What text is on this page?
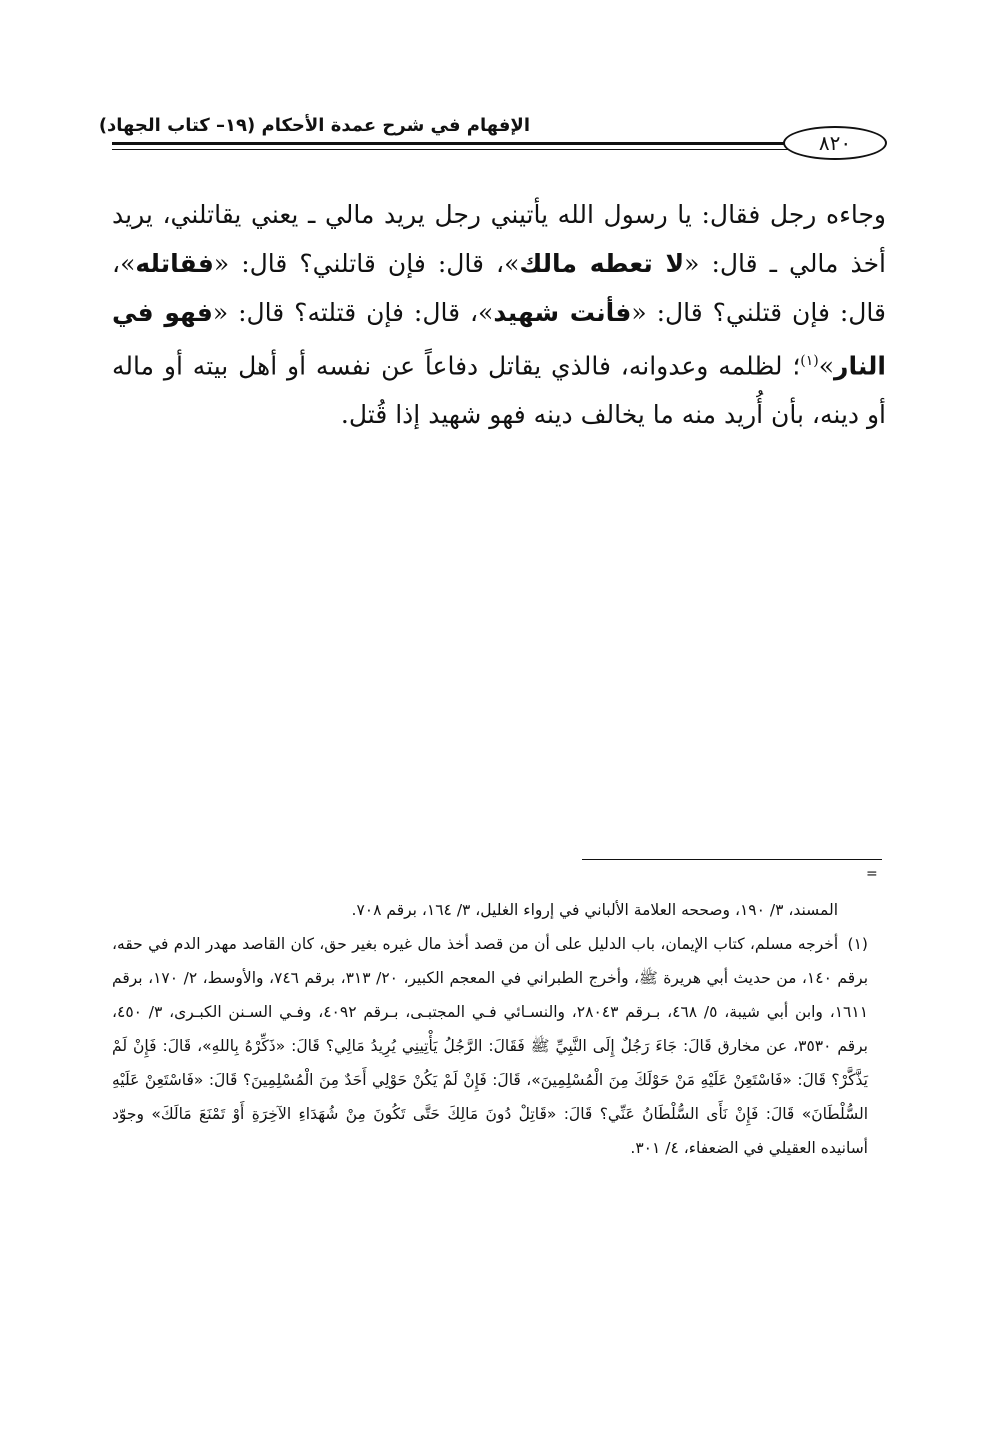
الإفهام في شرح عمدة الأحكام (١٩– كتاب الجهاد)
٨٢٠

وجاءه رجل فقال: يا رسول الله يأتيني رجل يريد مالي ـ يعني يقاتلني، يريد أخذ مالي ـ قال: «لا تعطه مالك»، قال: فإن قاتلني؟ قال: «فقاتله»، قال: فإن قتلني؟ قال: «فأنت شهيد»، قال: فإن قتلته؟ قال: «فهو في النار»$^{(١)}$؛ لظلمه وعدوانه، فالذي يقاتل دفاعاً عن نفسه أو أهل بيته أو ماله أو دينه، بأن أُريد منه ما يخالف دينه فهو شهيد إذا قُتل.

=

المسند، ٣/ ١٩٠، وصححه العلامة الألباني في إرواء الغليل، ٣/ ١٦٤، برقم ٧٠٨.

(١) أخرجه مسلم، كتاب الإيمان، باب الدليل على أن من قصد أخذ مال غيره بغير حق، كان القاصد مهدر الدم في حقه، برقم ١٤٠، من حديث أبي هريرة ﷺ، وأخرج الطبراني في المعجم الكبير، ٢٠/ ٣١٣، برقم ٧٤٦، والأوسط، ٢/ ١٧٠، برقم ١٦١١، وابن أبي شيبة، ٥/ ٤٦٨، بـرقم ٢٨٠٤٣، والنسـائي فـي المجتبـى، بـرقم ٤٠٩٢، وفـي السـنن الكبـرى، ٣/ ٤٥٠، برقم ٣٥٣٠، عن مخارق قَالَ: جَاءَ رَجُلٌ إِلَى النَّبِيِّ ﷺ فَقَالَ: الرَّجُلُ يَأْتِينِي يُرِيدُ مَالِي؟ قَالَ: «ذَكِّرْهُ بِاللهِ»، قَالَ: فَإِنْ لَمْ يَذَّكَّرْ؟ قَالَ: «فَاسْتَعِنْ عَلَيْهِ مَنْ حَوْلَكَ مِنَ الْمُسْلِمِينَ»، قَالَ: فَإِنْ لَمْ يَكُنْ حَوْلِي أَحَدٌ مِنَ الْمُسْلِمِينَ؟ قَالَ: «فَاسْتَعِنْ عَلَيْهِ السُّلْطَانَ» قَالَ: فَإِنْ نَأَى السُّلْطَانُ عَنِّي؟ قَالَ: «قَاتِلْ دُونَ مَالِكَ حَتَّى تَكُونَ مِنْ شُهَدَاءِ الآخِرَةِ أَوْ تَمْنَعَ مَالَكَ» وجوّد أسانيده العقيلي في الضعفاء، ٤/ ٣٠١.
